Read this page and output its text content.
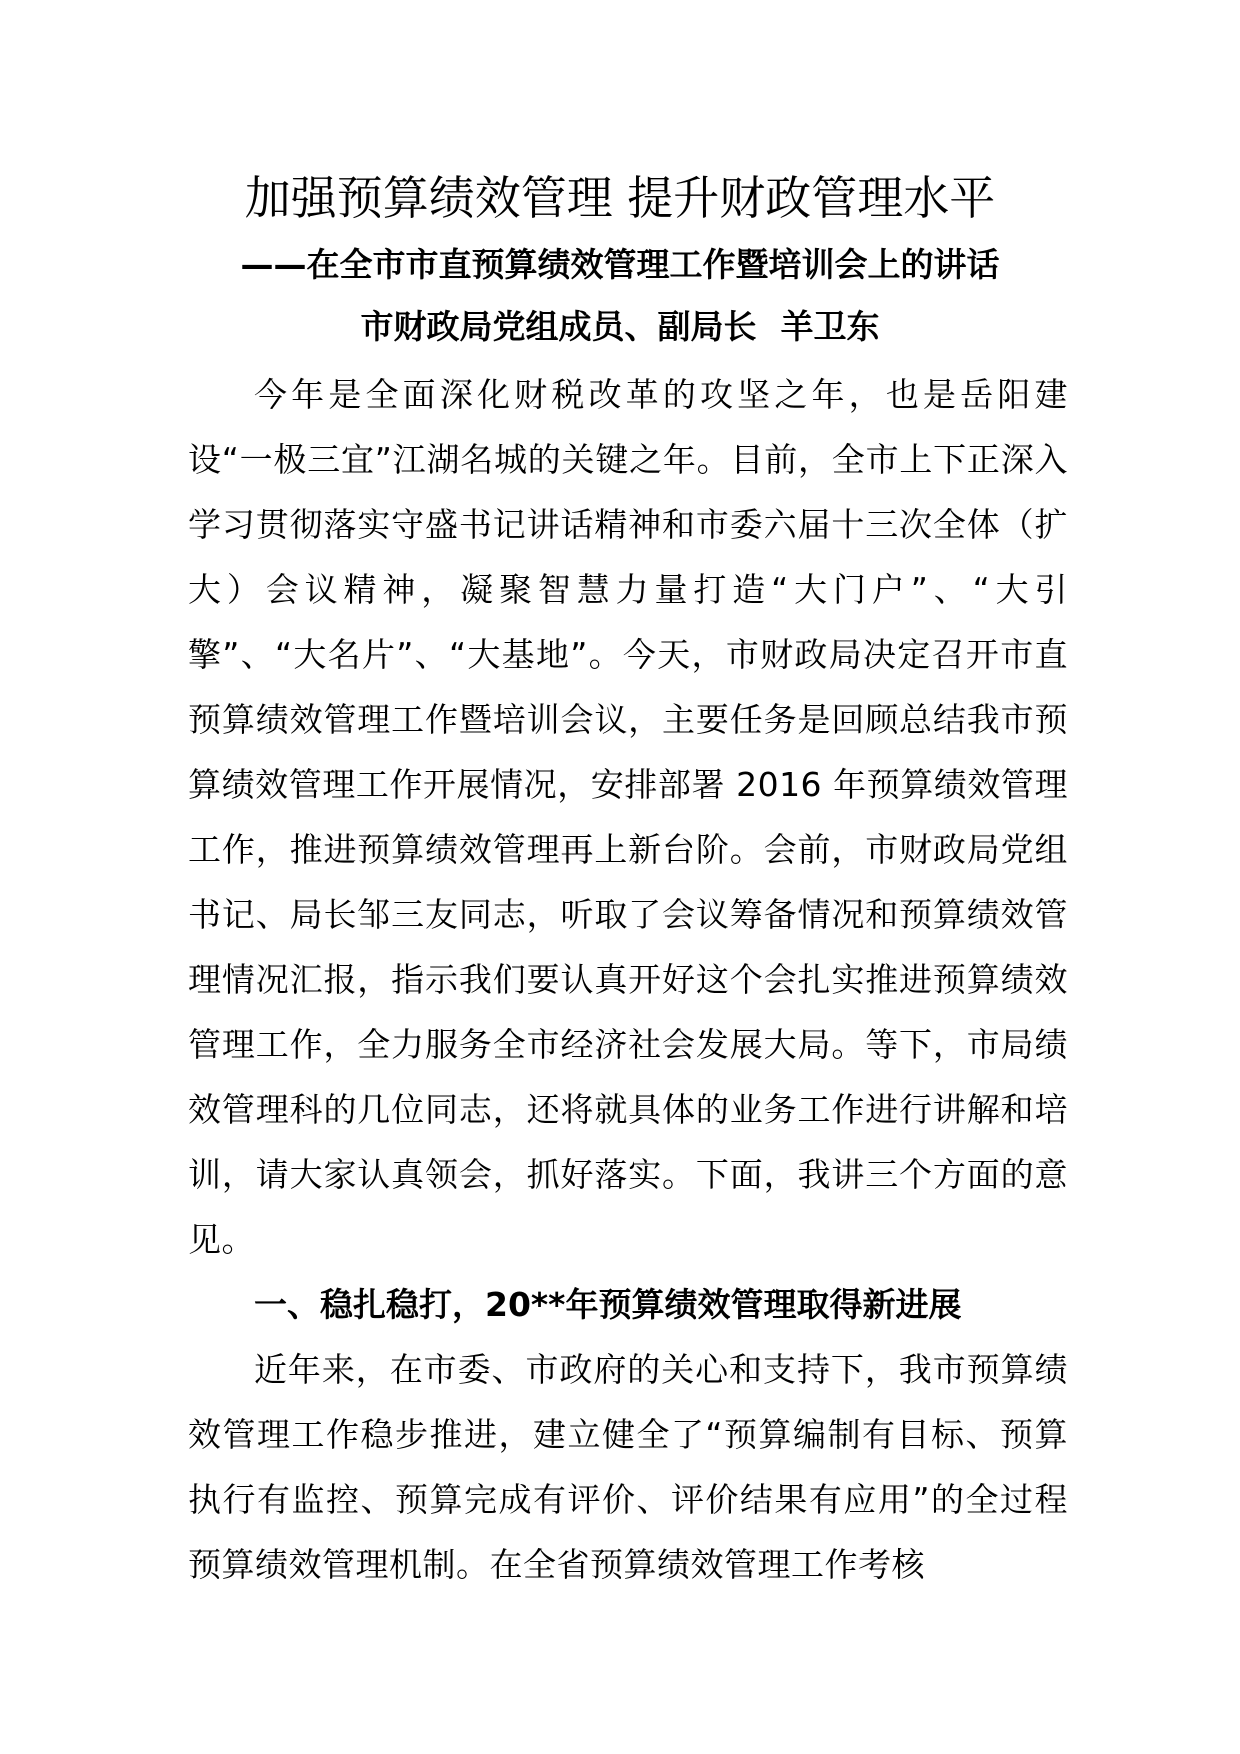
加强预算绩效管理 提升财政管理水平
——在全市市直预算绩效管理工作暨培训会上的讲话
市财政局党组成员、副局长 羊卫东

今年是全面深化财税改革的攻坚之年，也是岳阳建设“一极三宜”江湖名城的关键之年。目前，全市上下正深入学习贯彻落实守盛书记讲话精神和市委六届十三次全体（扩大）会议精神，凝聚智慧力量打造“大门户”、“大引擎”、“大名片”、“大基地”。今天，市财政局决定召开市直预算绩效管理工作暨培训会议，主要任务是回顾总结我市预算绩效管理工作开展情况，安排部署 2016 年预算绩效管理工作，推进预算绩效管理再上新台阶。会前，市财政局党组书记、局长邹三友同志，听取了会议筹备情况和预算绩效管理情况汇报，指示我们要认真开好这个会扎实推进预算绩效管理工作，全力服务全市经济社会发展大局。等下，市局绩效管理科的几位同志，还将就具体的业务工作进行讲解和培训，请大家认真领会，抓好落实。下面，我讲三个方面的意见。

一、稳扎稳打，20**年预算绩效管理取得新进展

近年来，在市委、市政府的关心和支持下，我市预算绩效管理工作稳步推进，建立健全了“预算编制有目标、预算执行有监控、预算完成有评价、评价结果有应用”的全过程预算绩效管理机制。在全省预算绩效管理工作考核
